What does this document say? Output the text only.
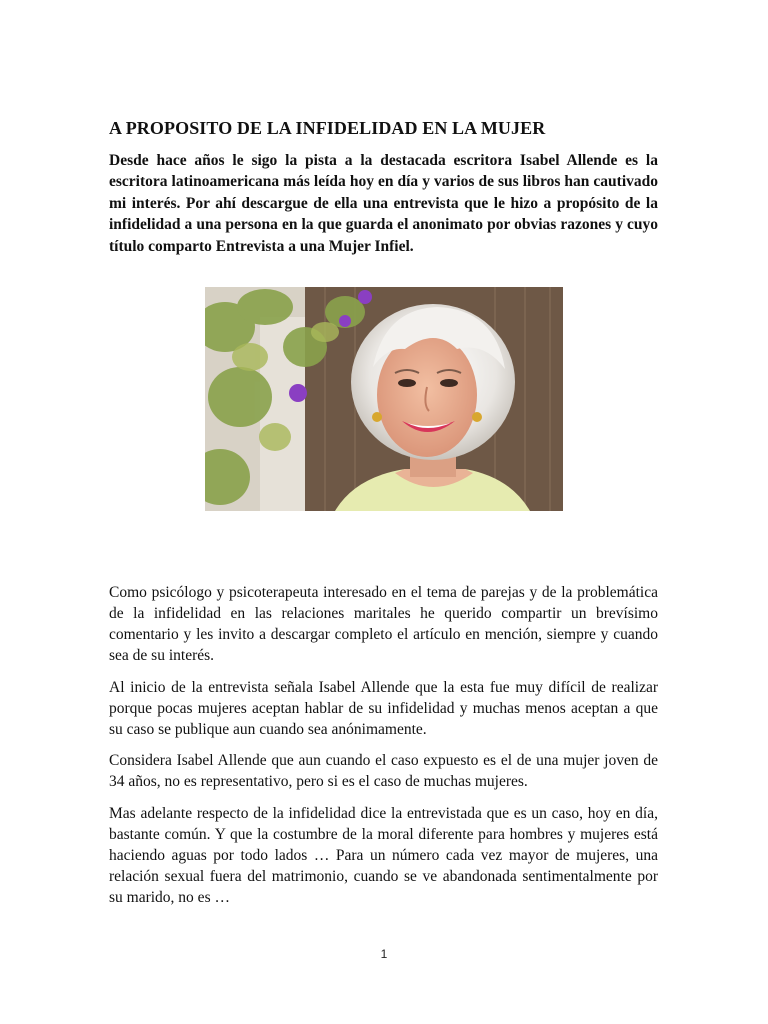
A PROPOSITO DE LA INFIDELIDAD EN LA MUJER

Desde hace años le sigo la pista a la destacada escritora Isabel Allende es la escritora latinoamericana más leída hoy en día y varios de sus libros han cautivado mi interés. Por ahí descargue de ella una entrevista que le hizo a propósito de la infidelidad a una persona en la que guarda el anonimato por obvias razones y cuyo título comparto Entrevista a una Mujer Infiel.

Como psicólogo y psicoterapeuta interesado en el tema de parejas y de la problemática de la infidelidad en las relaciones maritales he querido compartir un brevísimo comentario y les invito a descargar completo el artículo en mención, siempre y cuando sea de su interés.

Al inicio de la entrevista señala Isabel Allende que la esta fue muy difícil de realizar porque pocas mujeres aceptan hablar de su infidelidad y muchas menos aceptan a que su caso se publique aun cuando sea anónimamente.

Considera Isabel Allende que aun cuando el caso expuesto es el de una mujer joven de 34 años, no es representativo, pero si es el caso de muchas mujeres.

Mas adelante respecto de la infidelidad dice la entrevistada que es un caso, hoy en día, bastante común. Y que la costumbre de la moral diferente para hombres y mujeres está haciendo aguas por todo lados … Para un número cada vez mayor de mujeres, una relación sexual fuera del matrimonio, cuando se ve abandonada sentimentalmente por su marido, no es …

1
